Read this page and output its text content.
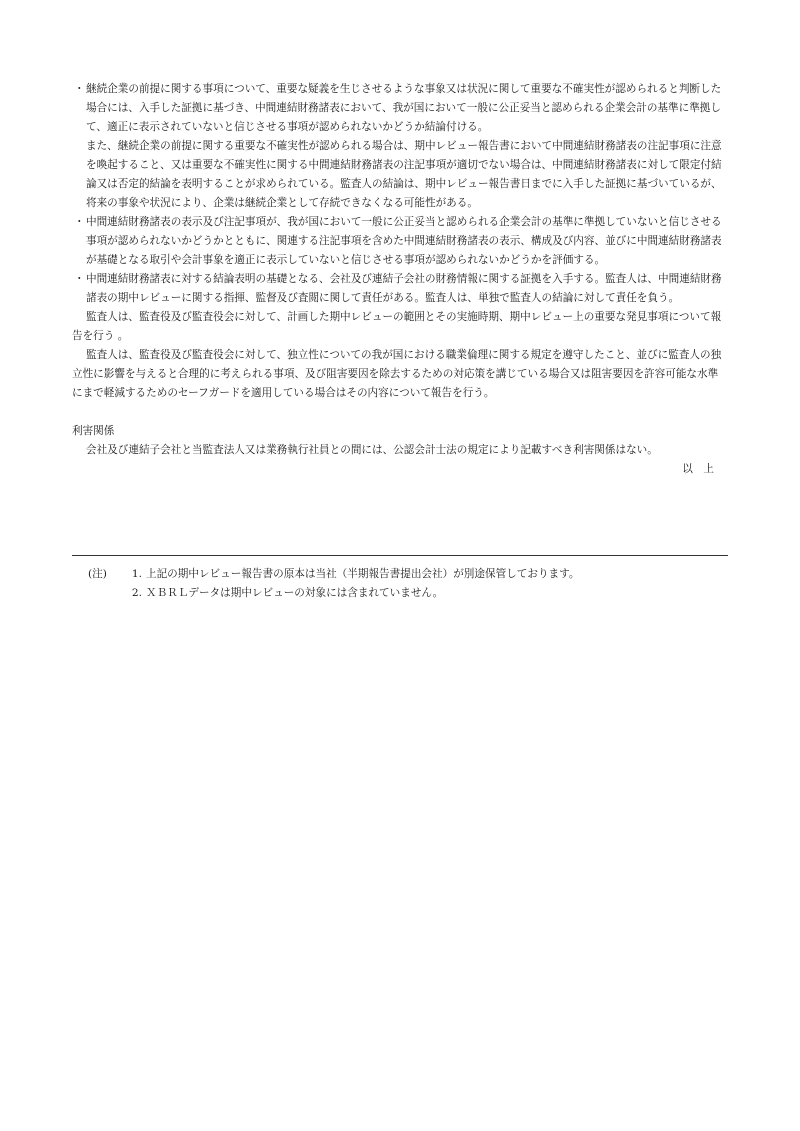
・ 継続企業の前提に関する事項について、重要な疑義を生じさせるような事象又は状況に関して重要な不確実性が認められると判断した場合には、入手した証拠に基づき、中間連結財務諸表において、我が国において一般に公正妥当と認められる企業会計の基準に準拠して、適正に表示されていないと信じさせる事項が認められないかどうか結論付ける。

また、継続企業の前提に関する重要な不確実性が認められる場合は、期中レビュー報告書において中間連結財務諸表の注記事項に注意を喚起すること、又は重要な不確実性に関する中間連結財務諸表の注記事項が適切でない場合は、中間連結財務諸表に対して限定付結論又は否定的結論を表明することが求められている。監査人の結論は、期中レビュー報告書日までに入手した証拠に基づいているが、将来の事象や状況により、企業は継続企業として存続できなくなる可能性がある。

・ 中間連結財務諸表の表示及び注記事項が、我が国において一般に公正妥当と認められる企業会計の基準に準拠していないと信じさせる事項が認められないかどうかとともに、関連する注記事項を含めた中間連結財務諸表の表示、構成及び内容、並びに中間連結財務諸表が基礎となる取引や会計事象を適正に表示していないと信じさせる事項が認められないかどうかを評価する。

・ 中間連結財務諸表に対する結論表明の基礎となる、会社及び連結子会社の財務情報に関する証拠を入手する。監査人は、中間連結財務諸表の期中レビューに関する指揮、監督及び査閲に関して責任がある。監査人は、単独で監査人の結論に対して責任を負う。

監査人は、監査役及び監査役会に対して、計画した期中レビューの範囲とその実施時期、期中レビュー上の重要な発見事項について報告を行う 。

監査人は、監査役及び監査役会に対して、独立性についての我が国における職業倫理に関する規定を遵守したこと、並びに監査人の独立性に影響を与えると合理的に考えられる事項、及び阻害要因を除去するための対応策を講じている場合又は阻害要因を許容可能な水準にまで軽減するためのセーフガードを適用している場合はその内容について報告を行う。

利害関係

会社及び連結子会社と当監査法人又は業務執行社員との間には、公認会計士法の規定により記載すべき利害関係はない。

以　上

(注)	1. 上記の期中レビュー報告書の原本は当社（半期報告書提出会社）が別途保管しております。
2. ＸＢＲＬデータは期中レビューの対象には含まれていません。
